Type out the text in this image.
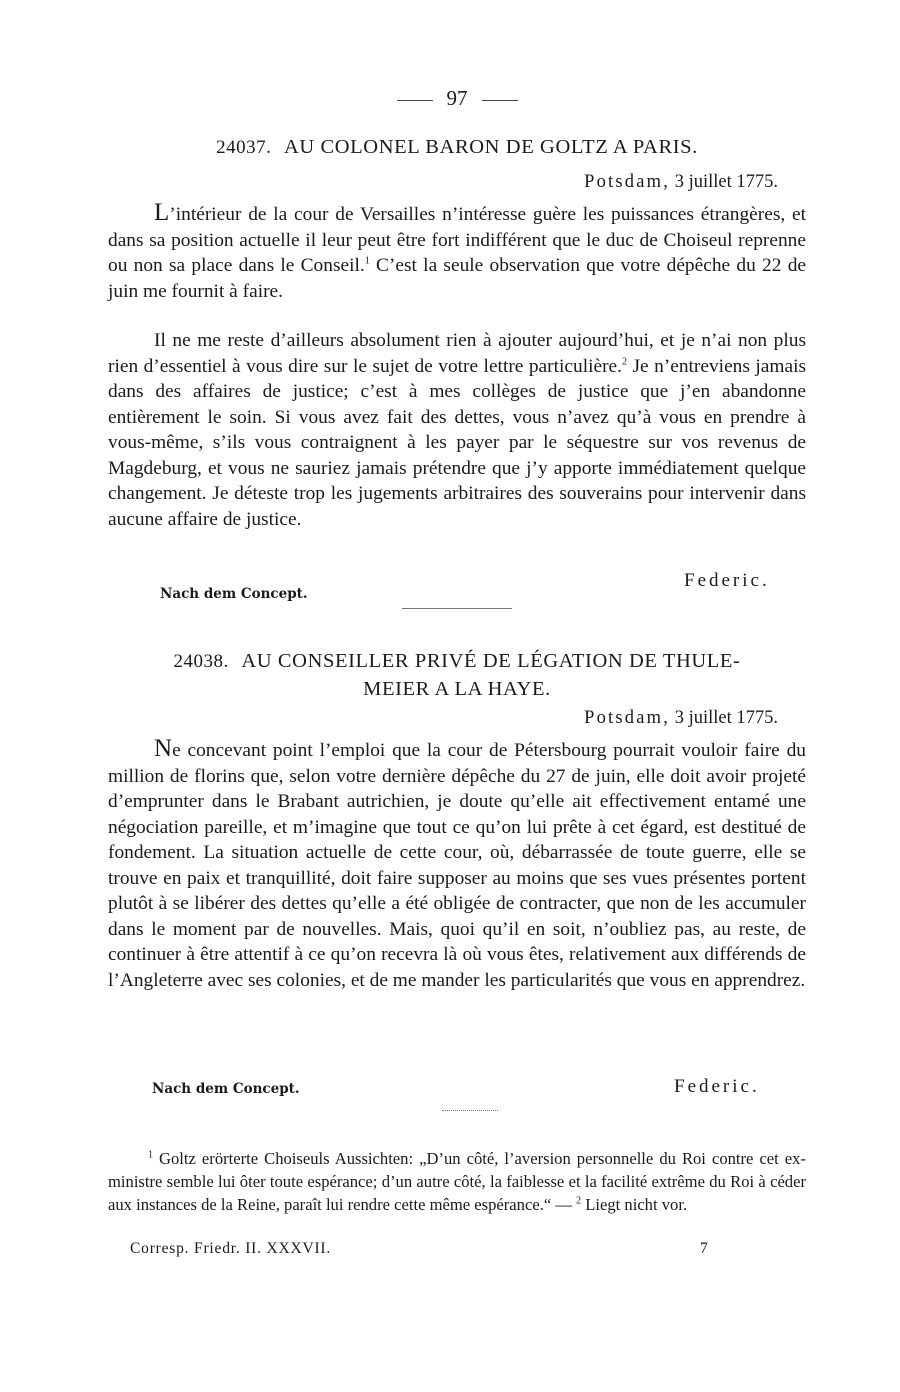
97
24037. AU COLONEL BARON DE GOLTZ A PARIS.
Potsdam, 3 juillet 1775.

L’intérieur de la cour de Versailles n’intéresse guère les puissances étrangères, et dans sa position actuelle il leur peut être fort indifférent que le duc de Choiseul reprenne ou non sa place dans le Conseil.$^1$ C’est la seule observation que votre dépêche du 22 de juin me fournit à faire.

Il ne me reste d’ailleurs absolument rien à ajouter aujourd’hui, et je n’ai non plus rien d’essentiel à vous dire sur le sujet de votre lettre particulière.$^2$ Je n’entreviens jamais dans des affaires de justice; c’est à mes collèges de justice que j’en abandonne entièrement le soin. Si vous avez fait des dettes, vous n’avez qu’à vous en prendre à vous-même, s’ils vous contraignent à les payer par le séquestre sur vos revenus de Magdeburg, et vous ne sauriez jamais prétendre que j’y apporte immédiatement quelque changement. Je déteste trop les jugements arbitraires des souverains pour intervenir dans aucune affaire de justice.

Nach dem Concept.
Federic.
24038. AU CONSEILLER PRIVÉ DE LÉGATION DE THULE-
MEIER A LA HAYE.
Potsdam, 3 juillet 1775.

Ne concevant point l’emploi que la cour de Pétersbourg pourrait vouloir faire du million de florins que, selon votre dernière dépêche du 27 de juin, elle doit avoir projeté d’emprunter dans le Brabant autrichien, je doute qu’elle ait effectivement entamé une négociation pareille, et m’imagine que tout ce qu’on lui prête à cet égard, est destitué de fondement. La situation actuelle de cette cour, où, débarrassée de toute guerre, elle se trouve en paix et tranquillité, doit faire supposer au moins que ses vues présentes portent plutôt à se libérer des dettes qu’elle a été obligée de contracter, que non de les accumuler dans le moment par de nouvelles. Mais, quoi qu’il en soit, n’oubliez pas, au reste, de continuer à être attentif à ce qu’on recevra là où vous êtes, relativement aux différends de l’Angleterre avec ses colonies, et de me mander les particularités que vous en apprendrez.

Nach dem Concept.	Federic.

$^1$ Goltz erörterte Choiseuls Aussichten: „D’un côté, l’aversion personnelle du Roi contre cet ex-ministre semble lui ôter toute espérance; d’un autre côté, la faiblesse et la facilité extrême du Roi à céder aux instances de la Reine, paraît lui rendre cette même espérance.“ — $^2$ Liegt nicht vor.

Corresp. Friedr. II. XXXVII.	7
